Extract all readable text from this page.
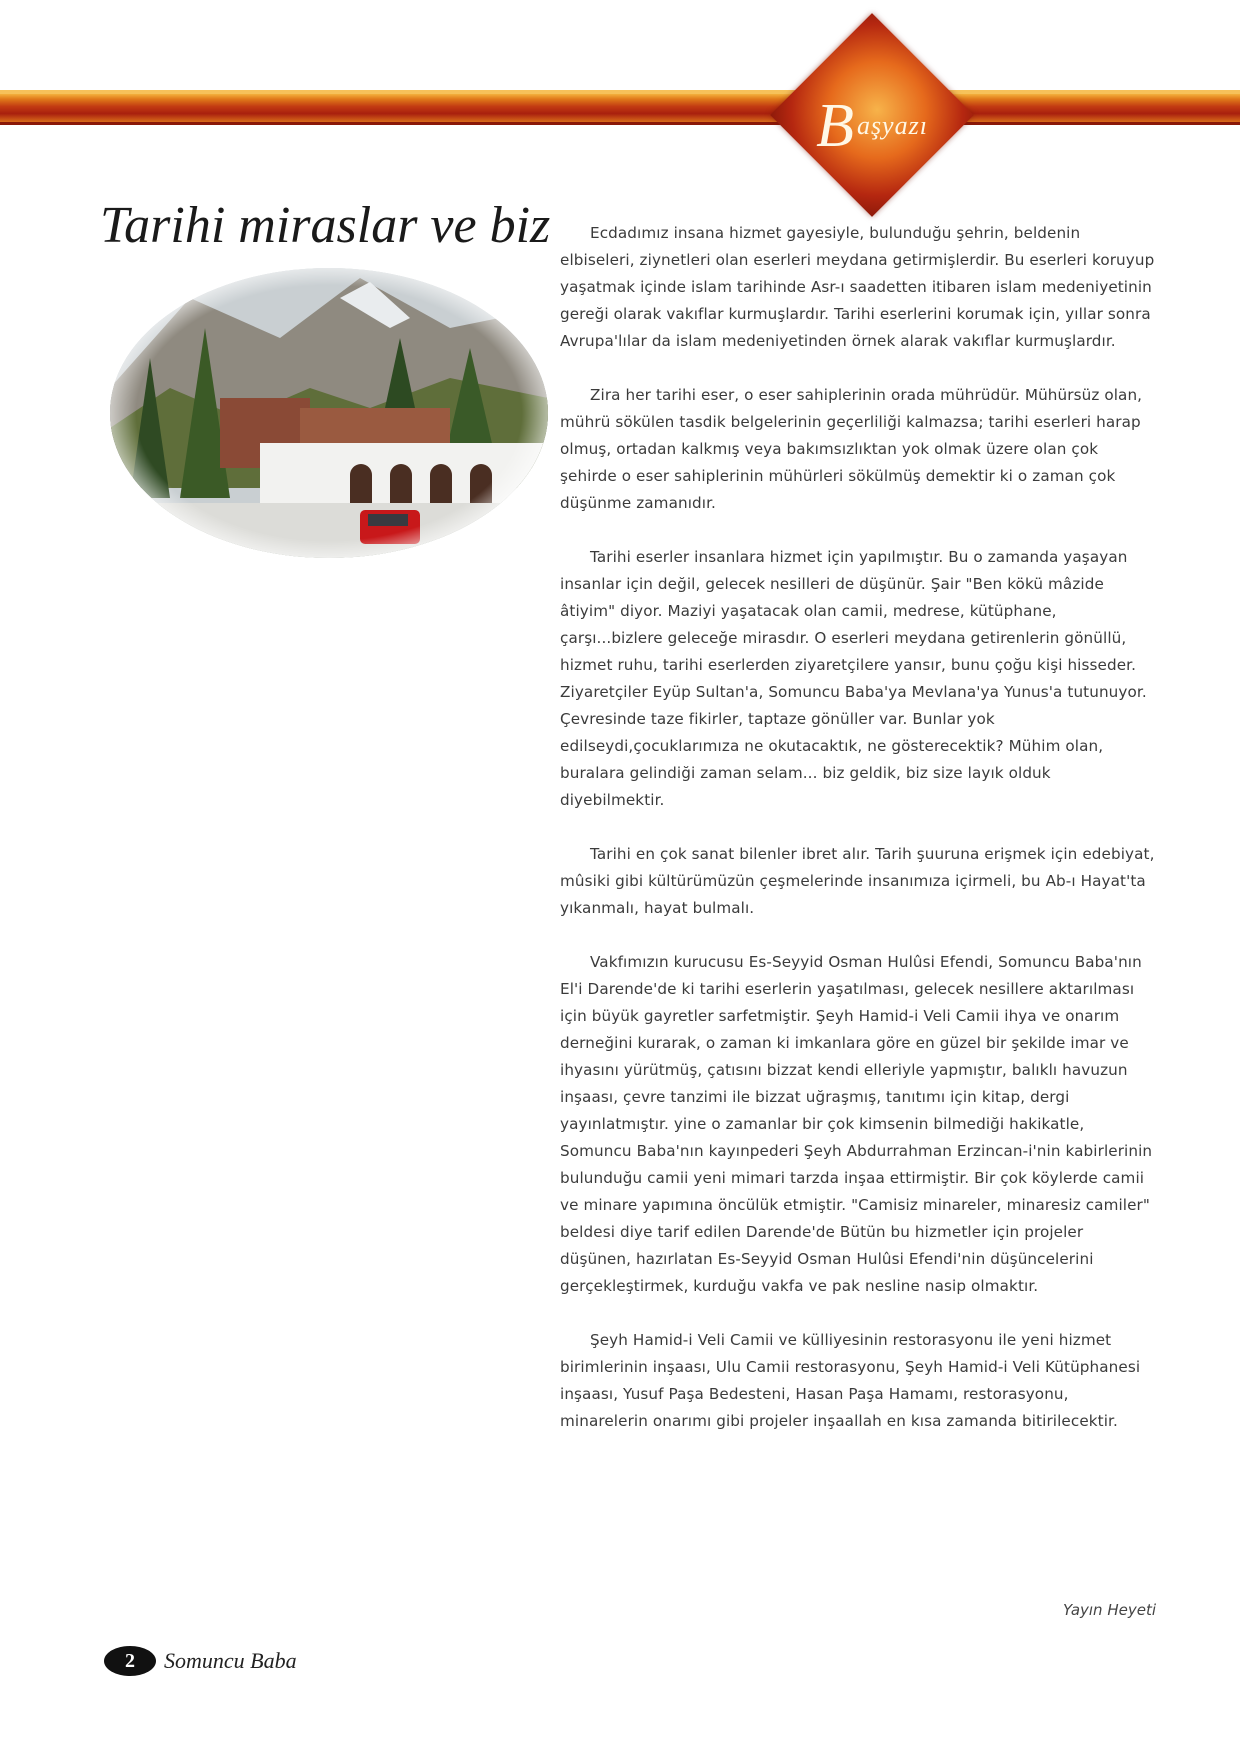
Başyazı
Tarihi miraslar ve biz	Ecdadımız insana hizmet gayesiyle, bulunduğu şehrin, beldenin elbiseleri, ziynetleri olan eserleri meydana getirmişlerdir. Bu eserleri koruyup yaşatmak içinde islam tarihinde Asr-ı saadetten itibaren islam medeniyetinin gereği olarak vakıflar kurmuşlardır. Tarihi eserlerini korumak için, yıllar sonra Avrupa'lılar da islam medeniyetinden örnek alarak vakıflar kurmuşlardır.

Zira her tarihi eser, o eser sahiplerinin orada mührüdür. Mühürsüz olan, mührü sökülen tasdik belgelerinin geçerliliği kalmazsa; tarihi eserleri harap olmuş, ortadan kalkmış veya bakımsızlıktan yok olmak üzere olan çok şehirde o eser sahiplerinin mühürleri sökülmüş demektir ki o zaman çok düşünme zamanıdır.

Tarihi eserler insanlara hizmet için yapılmıştır. Bu o zamanda yaşayan insanlar için değil, gelecek nesilleri de düşünür. Şair "Ben kökü mâzide âtiyim" diyor. Maziyi yaşatacak olan camii, medrese, kütüphane, çarşı...bizlere geleceğe mirasdır. O eserleri meydana getirenlerin gönüllü, hizmet ruhu, tarihi eserlerden ziyaretçilere yansır, bunu çoğu kişi hisseder. Ziyaretçiler Eyüp Sultan'a, Somuncu Baba'ya Mevlana'ya Yunus'a tutunuyor. Çevresinde taze fikirler, taptaze gönüller var. Bunlar yok edilseydi,çocuklarımıza ne okutacaktık, ne gösterecektik? Mühim olan, buralara gelindiği zaman selam... biz geldik, biz size layık olduk diyebilmektir.

Tarihi en çok sanat bilenler ibret alır. Tarih şuuruna erişmek için edebiyat, mûsiki gibi kültürümüzün çeşmelerinde insanımıza içirmeli, bu Ab-ı Hayat'ta yıkanmalı, hayat bulmalı.

Vakfımızın kurucusu Es-Seyyid Osman Hulûsi Efendi, Somuncu Baba'nın El'i Darende'de ki tarihi eserlerin yaşatılması, gelecek nesillere aktarılması için büyük gayretler sarfetmiştir. Şeyh Hamid-i Veli Camii ihya ve onarım derneğini kurarak, o zaman ki imkanlara göre en güzel bir şekilde imar ve ihyasını yürütmüş, çatısını bizzat kendi elleriyle yapmıştır, balıklı havuzun inşaası, çevre tanzimi ile bizzat uğraşmış, tanıtımı için kitap, dergi yayınlatmıştır. yine o zamanlar bir çok kimsenin bilmediği hakikatle, Somuncu Baba'nın kayınpederi Şeyh Abdurrahman Erzincan-i'nin kabirlerinin bulunduğu camii yeni mimari tarzda inşaa ettirmiştir. Bir çok köylerde camii ve minare yapımına öncülük etmiştir. "Camisiz minareler, minaresiz camiler" beldesi diye tarif edilen Darende'de Bütün bu hizmetler için projeler düşünen, hazırlatan Es-Seyyid Osman Hulûsi Efendi'nin düşüncelerini gerçekleştirmek, kurduğu vakfa ve pak nesline nasip olmaktır.

Şeyh Hamid-i Veli Camii ve külliyesinin restorasyonu ile yeni hizmet birimlerinin inşaası, Ulu Camii restorasyonu, Şeyh Hamid-i Veli Kütüphanesi inşaası, Yusuf Paşa Bedesteni, Hasan Paşa Hamamı, restorasyonu, minarelerin onarımı gibi projeler inşaallah en kısa zamanda bitirilecektir.

Yayın Heyeti
2	Somuncu Baba
